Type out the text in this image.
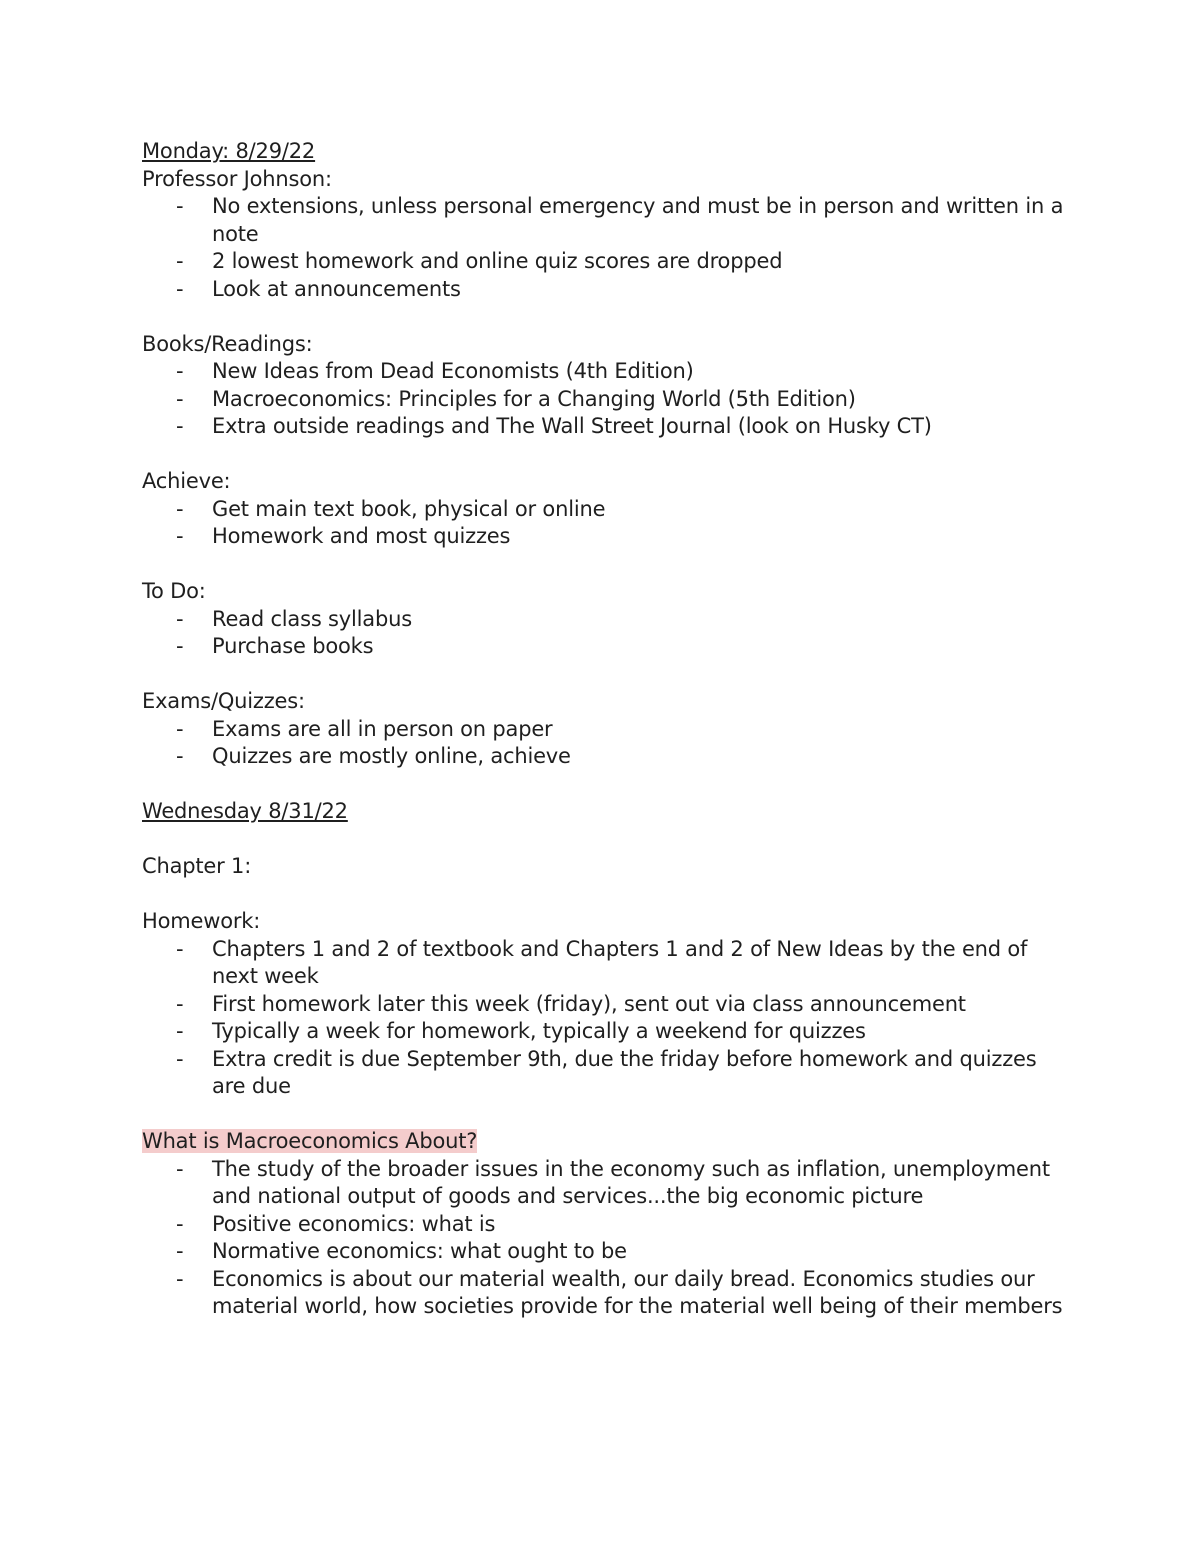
Monday: 8/29/22
Professor Johnson:
- No extensions, unless personal emergency and must be in person and written in a note
- 2 lowest homework and online quiz scores are dropped
- Look at announcements
Books/Readings:
- New Ideas from Dead Economists (4th Edition)
- Macroeconomics: Principles for a Changing World (5th Edition)
- Extra outside readings and The Wall Street Journal (look on Husky CT)
Achieve:
- Get main text book, physical or online
- Homework and most quizzes
To Do:
- Read class syllabus
- Purchase books
Exams/Quizzes:
- Exams are all in person on paper
- Quizzes are mostly online, achieve
Wednesday 8/31/22
Chapter 1:
Homework:
- Chapters 1 and 2 of textbook and Chapters 1 and 2 of New Ideas by the end of next week
- First homework later this week (friday), sent out via class announcement
- Typically a week for homework, typically a weekend for quizzes
- Extra credit is due September 9th, due the friday before homework and quizzes are due
What is Macroeconomics About?
- The study of the broader issues in the economy such as inflation, unemployment and national output of goods and services...the big economic picture
- Positive economics: what is
- Normative economics: what ought to be
- Economics is about our material wealth, our daily bread. Economics studies our material world, how societies provide for the material well being of their members
